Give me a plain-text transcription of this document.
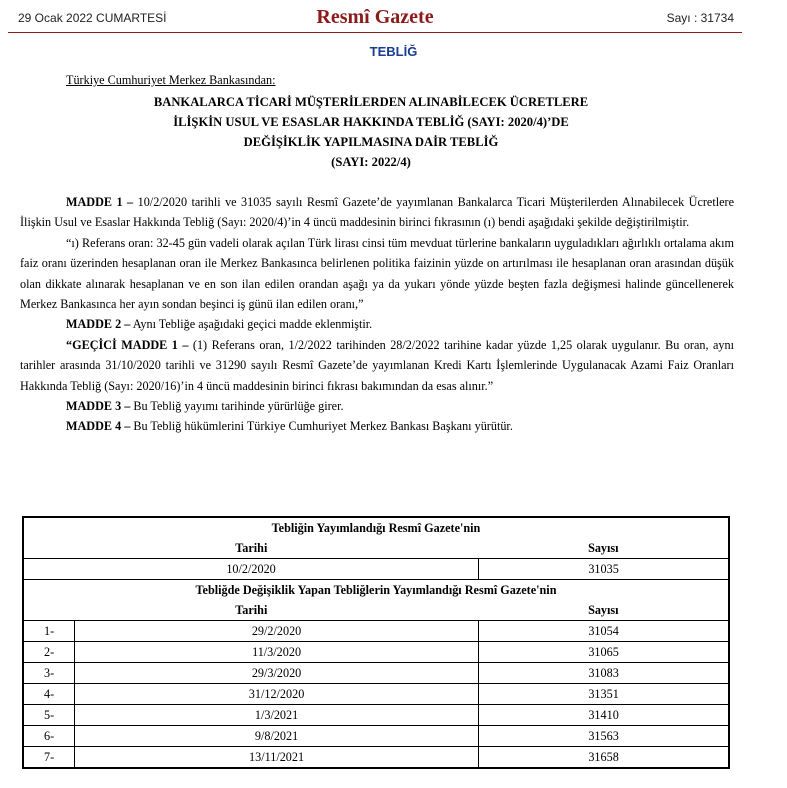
29 Ocak 2022 CUMARTESİ	Resmî Gazete	Sayı : 31734
TEBLİĞ
Türkiye Cumhuriyet Merkez Bankasından:
BANKALARCA TİCARİ MÜŞTERİLERDEN ALINABİLECEK ÜCRETLERE
İLİŞKİN USUL VE ESASLAR HAKKINDA TEBLİĞ (SAYI: 2020/4)’DE
DEĞİŞİKLİK YAPILMASINA DAİR TEBLİĞ
(SAYI: 2022/4)

MADDE 1 – 10/2/2020 tarihli ve 31035 sayılı Resmî Gazete’de yayımlanan Bankalarca Ticari Müşterilerden Alınabilecek Ücretlere İlişkin Usul ve Esaslar Hakkında Tebliğ (Sayı: 2020/4)’in 4 üncü maddesinin birinci fıkrasının (ı) bendi aşağıdaki şekilde değiştirilmiştir.

“ı) Referans oran: 32-45 gün vadeli olarak açılan Türk lirası cinsi tüm mevduat türlerine bankaların uyguladıkları ağırlıklı ortalama akım faiz oranı üzerinden hesaplanan oran ile Merkez Bankasınca belirlenen politika faizinin yüzde on artırılması ile hesaplanan oran arasından düşük olan dikkate alınarak hesaplanan ve en son ilan edilen orandan aşağı ya da yukarı yönde yüzde beşten fazla değişmesi halinde güncellenerek Merkez Bankasınca her ayın sondan beşinci iş günü ilan edilen oranı,”

MADDE 2 – Aynı Tebliğe aşağıdaki geçici madde eklenmiştir.

“GEÇİCİ MADDE 1 – (1) Referans oran, 1/2/2022 tarihinden 28/2/2022 tarihine kadar yüzde 1,25 olarak uygulanır. Bu oran, aynı tarihler arasında 31/10/2020 tarihli ve 31290 sayılı Resmî Gazete’de yayımlanan Kredi Kartı İşlemlerinde Uygulanacak Azami Faiz Oranları Hakkında Tebliğ (Sayı: 2020/16)’in 4 üncü maddesinin birinci fıkrası bakımından da esas alınır.”

MADDE 3 – Bu Tebliğ yayımı tarihinde yürürlüğe girer.

MADDE 4 – Bu Tebliğ hükümlerini Türkiye Cumhuriyet Merkez Bankası Başkanı yürütür.

Tebliğin Yayımlandığı Resmî Gazete'nin		
Tarihi		Sayısı
10/2/2020		31035
Tebliğde Değişiklik Yapan Tebliğlerin Yayımlandığı Resmî Gazete'nin		
Tarihi		Sayısı
1-	29/2/2020	31054
2-	11/3/2020	31065
3-	29/3/2020	31083
4-	31/12/2020	31351
5-	1/3/2021	31410
6-	9/8/2021	31563
7-	13/11/2021	31658
